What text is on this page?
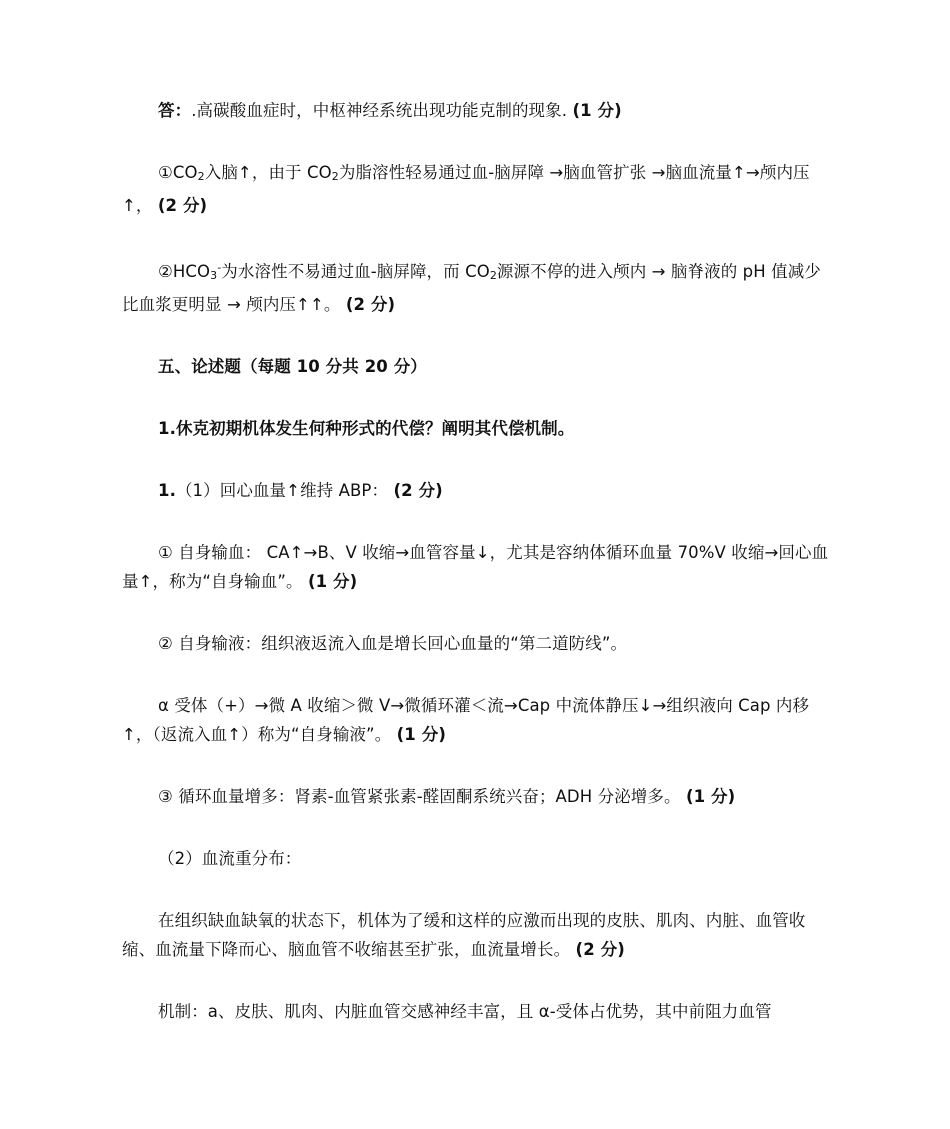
答：.高碳酸血症时，中枢神经系统出现功能克制的现象. (1 分)

①CO2入脑↑，由于 CO2为脂溶性轻易通过血-脑屏障 →脑血管扩张 →脑血流量↑→颅内压↑， (2 分)

②HCO3-为水溶性不易通过血-脑屏障，而 CO2源源不停的进入颅内 → 脑脊液的 pH 值减少比血浆更明显 → 颅内压↑↑。 (2 分)

五、论述题（每题 10 分共 20 分）

1.休克初期机体发生何种形式的代偿？阐明其代偿机制。

1.（1）回心血量↑维持 ABP： (2 分)

① 自身输血： CA↑→B、V 收缩→血管容量↓，尤其是容纳体循环血量 70%V 收缩→回心血量↑，称为“自身输血”。 (1 分)

② 自身输液：组织液返流入血是增长回心血量的“第二道防线”。

α 受体（+）→微 A 收缩＞微 V→微循环灌＜流→Cap 中流体静压↓→组织液向 Cap 内移↑，（返流入血↑）称为“自身输液”。 (1 分)

③ 循环血量增多：肾素-血管紧张素-醛固酮系统兴奋；ADH 分泌增多。 (1 分)

（2）血流重分布：

在组织缺血缺氧的状态下，机体为了缓和这样的应激而出现的皮肤、肌肉、内脏、血管收缩、血流量下降而心、脑血管不收缩甚至扩张，血流量增长。 (2 分)

机制：a、皮肤、肌肉、内脏血管交感神经丰富，且 α-受体占优势，其中前阻力血管
